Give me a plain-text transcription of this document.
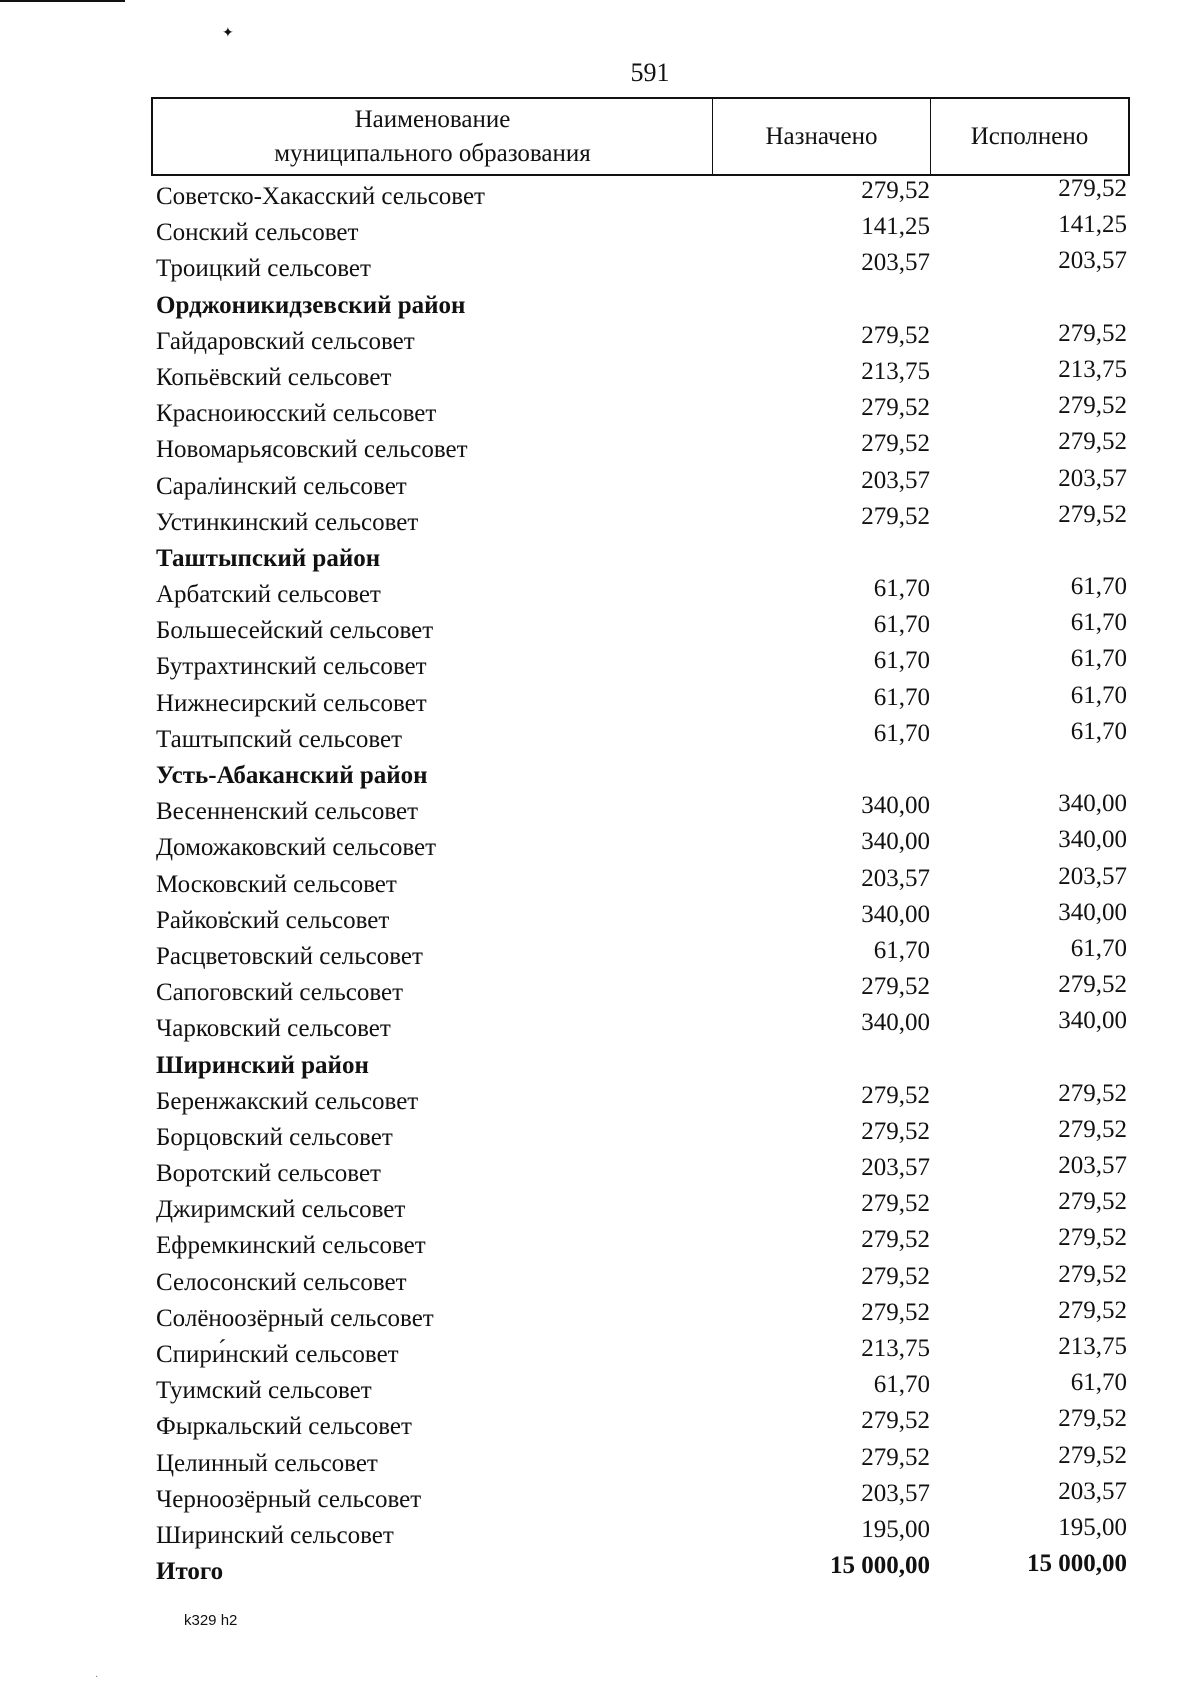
✦
591
Наименование
муниципального образования
Назначено	Исполнено
Советско-Хакасский сельсовет	279,52	279,52
Сонский сельсовет	141,25	141,25
Троицкий сельсовет	203,57	203,57
Орджоникидзевский район
Гайдаровский сельсовет	279,52	279,52
Копьёвский сельсовет	213,75	213,75
Красноиюсский сельсовет	279,52	279,52
Новомарьясовский сельсовет	279,52	279,52
Сарал̇инский сельсовет	203,57	203,57
Устинкинский сельсовет	279,52	279,52
Таштыпский район
Арбатский сельсовет	61,70	61,70
Большесейский сельсовет	61,70	61,70
Бутрахтинский сельсовет	61,70	61,70
Нижнесирский сельсовет	61,70	61,70
Таштыпский сельсовет	61,70	61,70
Усть-Абаканский район
Весенненский сельсовет	340,00	340,00
Доможаковский сельсовет	340,00	340,00
Московский сельсовет	203,57	203,57
Райков̇ский сельсовет	340,00	340,00
Расцветовский сельсовет	61,70	61,70
Сапоговский сельсовет	279,52	279,52
Чарковский сельсовет	340,00	340,00
Ширинский район
Беренжакский сельсовет	279,52	279,52
Борцовский сельсовет	279,52	279,52
Воротский сельсовет	203,57	203,57
Джиримский сельсовет	279,52	279,52
Ефремкинский сельсовет	279,52	279,52
Селосонский сельсовет	279,52	279,52
Солёноозёрный сельсовет	279,52	279,52
Спири́нский сельсовет	213,75	213,75
Туимский сельсовет	61,70	61,70
Фыркальский сельсовет	279,52	279,52
Целинный сельсовет	279,52	279,52
Черноозёрный сельсовет	203,57	203,57
Ширинский сельсовет	195,00	195,00
Итого	15 000,00	15 000,00
k329 h2
·
